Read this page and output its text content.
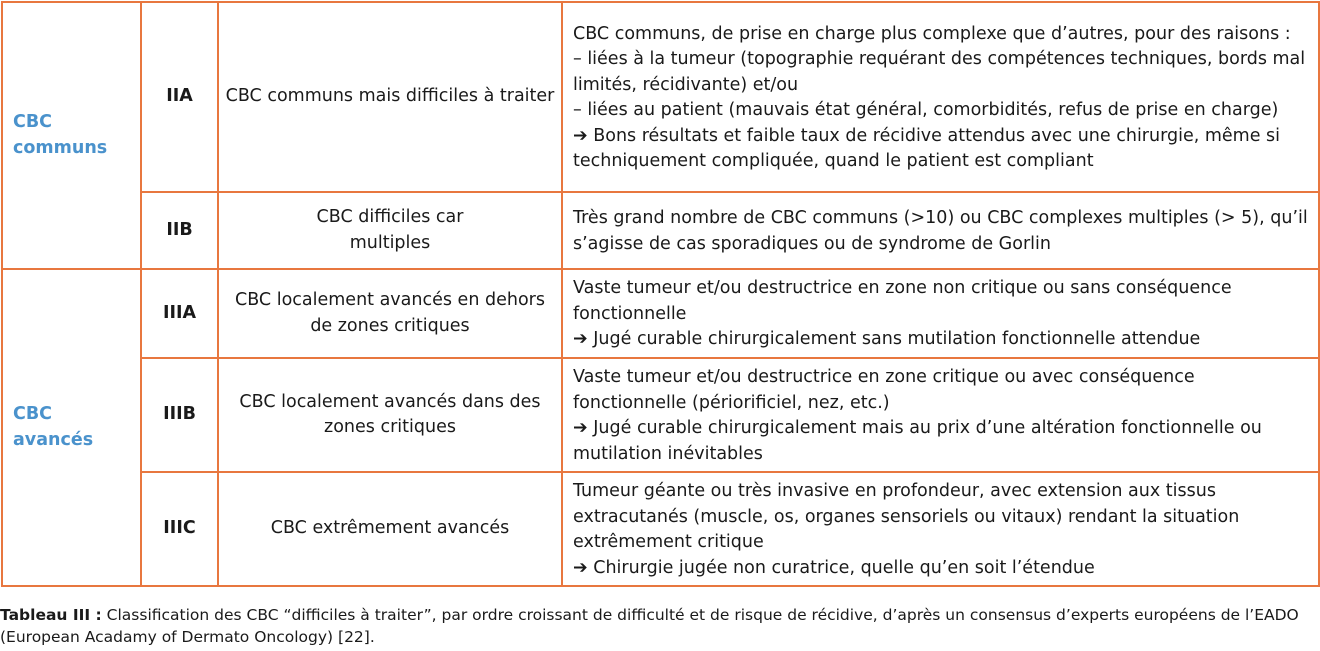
CBC communs	IIA	CBC communs mais difficiles à traiter	CBC communs, de prise en charge plus complexe que d’autres, pour des raisons :
– liées à la tumeur (topographie requérant des compétences techniques, bords mal limités, récidivante) et/ou
– liées au patient (mauvais état général, comorbidités, refus de prise en charge)
➔ Bons résultats et faible taux de récidive attendus avec une chirurgie, même si techniquement compliquée, quand le patient est compliant

	IIB	CBC difficiles car multiples	Très grand nombre de CBC communs (>10) ou CBC complexes multiples (> 5), qu’il s’agisse de cas sporadiques ou de syndrome de Gorlin

CBC avancés	IIIA	CBC localement avancés en dehors de zones critiques	Vaste tumeur et/ou destructrice en zone non critique ou sans conséquence fonctionnelle
➔ Jugé curable chirurgicalement sans mutilation fonctionnelle attendue

	IIIB	CBC localement avancés dans des zones critiques	Vaste tumeur et/ou destructrice en zone critique ou avec conséquence fonctionnelle (périorificiel, nez, etc.)
➔ Jugé curable chirurgicalement mais au prix d’une altération fonctionnelle ou mutilation inévitables

	IIIC	CBC extrêmement avancés	Tumeur géante ou très invasive en profondeur, avec extension aux tissus extracutanés (muscle, os, organes sensoriels ou vitaux) rendant la situation extrêmement critique
➔ Chirurgie jugée non curatrice, quelle qu’en soit l’étendue
Tableau III : Classification des CBC “difficiles à traiter”, par ordre croissant de difficulté et de risque de récidive, d’après un consensus d’experts européens de l’EADO (European Acadamy of Dermato Oncology) [22].
